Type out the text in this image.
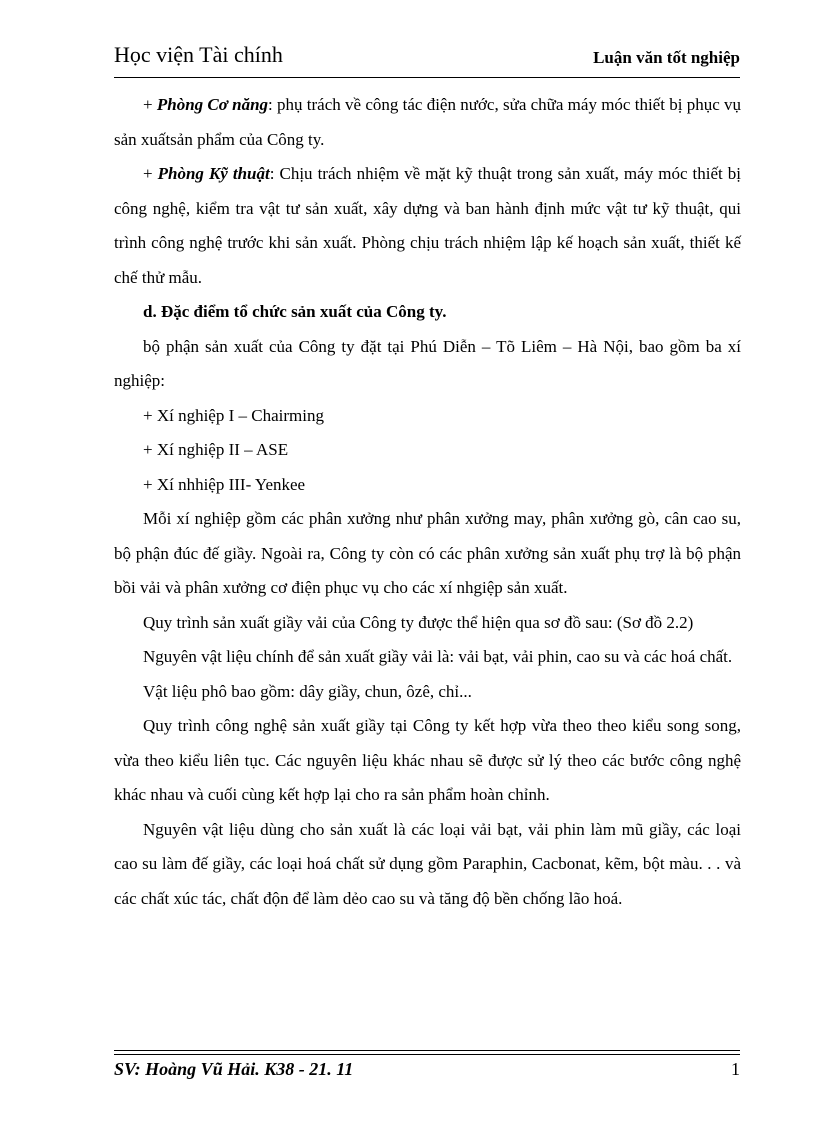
Học viện Tài chính	Luận văn tốt nghiệp

+ Phòng Cơ năng: phụ trách về công tác điện nước, sửa chữa máy móc thiết bị phục vụ sản xuấtsản phẩm của Công ty.

+ Phòng Kỹ thuật: Chịu trách nhiệm về mặt kỹ thuật trong sản xuất, máy móc thiết bị công nghệ, kiểm tra vật tư sản xuất, xây dựng và ban hành định mức vật tư kỹ thuật, qui trình công nghệ trước khi sản xuất. Phòng chịu trách nhiệm lập kế hoạch sản xuất, thiết kế chế thử mẫu.

d. Đặc điểm tổ chức sản xuất của Công ty.

bộ phận sản xuất của Công ty đặt tại Phú Diễn – Tõ Liêm – Hà Nội, bao gồm ba xí nghiệp:

+ Xí nghiệp I – Chairming

+ Xí nghiệp II – ASE

+ Xí nhhiệp III- Yenkee

Mỗi xí nghiệp gồm các phân xưởng như phân xưởng may, phân xưởng gò, cân cao su, bộ phận đúc đế giầy. Ngoài ra, Công ty còn có các phân xưởng sản xuất phụ trợ là bộ phận bồi vải và phân xưởng cơ điện phục vụ cho các xí nhgiệp sản xuất.

Quy trình sản xuất giầy vải của Công ty được thể hiện qua sơ đồ sau: (Sơ đồ 2.2)

Nguyên vật liệu chính để sản xuất giầy vải là: vải bạt, vải phin, cao su và các hoá chất.

Vật liệu phô bao gồm: dây giầy, chun, ôzê, chỉ...

Quy trình công nghệ sản xuất giầy tại Công ty kết hợp vừa theo theo kiểu song song, vừa theo kiểu liên tục. Các nguyên liệu khác nhau sẽ được sử lý theo các bước công nghệ khác nhau và cuối cùng kết hợp lại cho ra sản phẩm hoàn chỉnh.

Nguyên vật liệu dùng cho sản xuất là các loại vải bạt, vải phin làm mũ giầy, các loại cao su làm đế giầy, các loại hoá chất sử dụng gồm Paraphin, Cacbonat, kẽm, bột màu. . . và các chất xúc tác, chất độn để làm dẻo cao su và tăng độ bền chống lão hoá.

SV: Hoàng Vũ Hải. K38 - 21. 11	1
